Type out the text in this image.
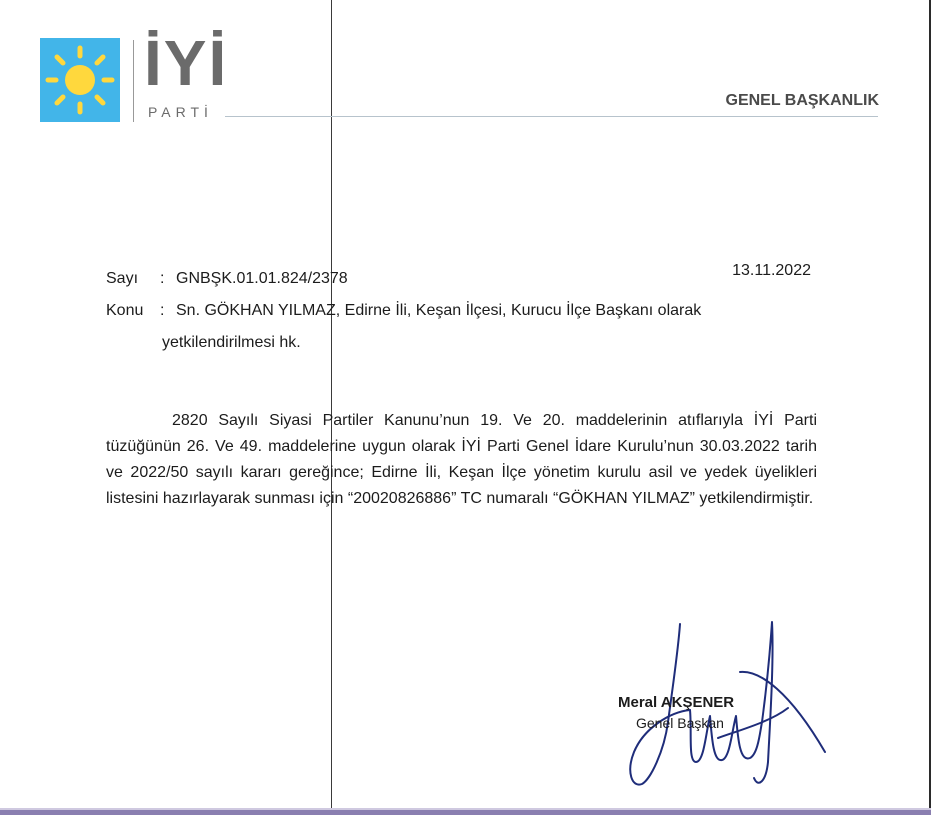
İYİ
PARTİ
GENEL BAŞKANLIK
Sayı : GNBŞK.01.01.824/2378	13.11.2022
Konu : Sn. GÖKHAN YILMAZ, Edirne İli, Keşan İlçesi, Kurucu İlçe Başkanı olarak
yetkilendirilmesi hk.
2820 Sayılı Siyasi Partiler Kanunu’nun 19. Ve 20. maddelerinin atıflarıyla İYİ Parti tüzüğünün 26. Ve 49. maddelerine uygun olarak İYİ Parti Genel İdare Kurulu’nun 30.03.2022 tarih ve 2022/50 sayılı kararı gereğince; Edirne İli, Keşan İlçe yönetim kurulu asil ve yedek üyelikleri listesini hazırlayarak sunması için “20020826886” TC numaralı “GÖKHAN YILMAZ” yetkilendirmiştir.
Meral AKŞENER
Genel Başkan
